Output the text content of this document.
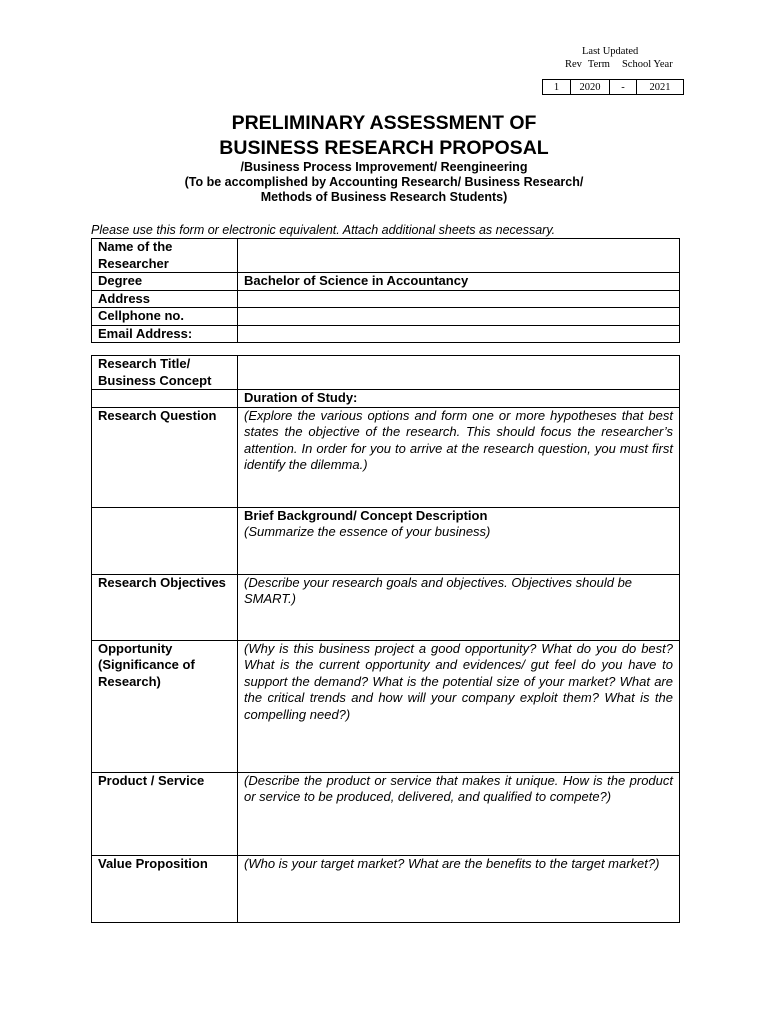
Last Updated
Rev Term School Year
1	2020	-	2021
PRELIMINARY ASSESSMENT OF
BUSINESS RESEARCH PROPOSAL
/Business Process Improvement/ Reengineering
(To be accomplished by Accounting Research/ Business Research/
Methods of Business Research Students)
Please use this form or electronic equivalent. Attach additional sheets as necessary.
Name of the Researcher	
Degree	Bachelor of Science in Accountancy
Address	
Cellphone no.	
Email Address:	
Research Title/ Business Concept	
	Duration of Study:
Research Question	(Explore the various options and form one or more hypotheses that best states the objective of the research. This should focus the researcher’s attention. In order for you to arrive at the research question, you must first identify the dilemma.)

	Brief Background/ Concept Description
(Summarize the essence of your business)

Research Objectives	(Describe your research goals and objectives. Objectives should be SMART.)
Opportunity (Significance of Research)	(Why is this business project a good opportunity? What do you do best? What is the current opportunity and evidences/ gut feel do you have to support the demand? What is the potential size of your market? What are the critical trends and how will your company exploit them? What is the compelling need?)
Product / Service	(Describe the product or service that makes it unique. How is the product or service to be produced, delivered, and qualified to compete?)
Value Proposition	(Who is your target market? What are the benefits to the target market?)
